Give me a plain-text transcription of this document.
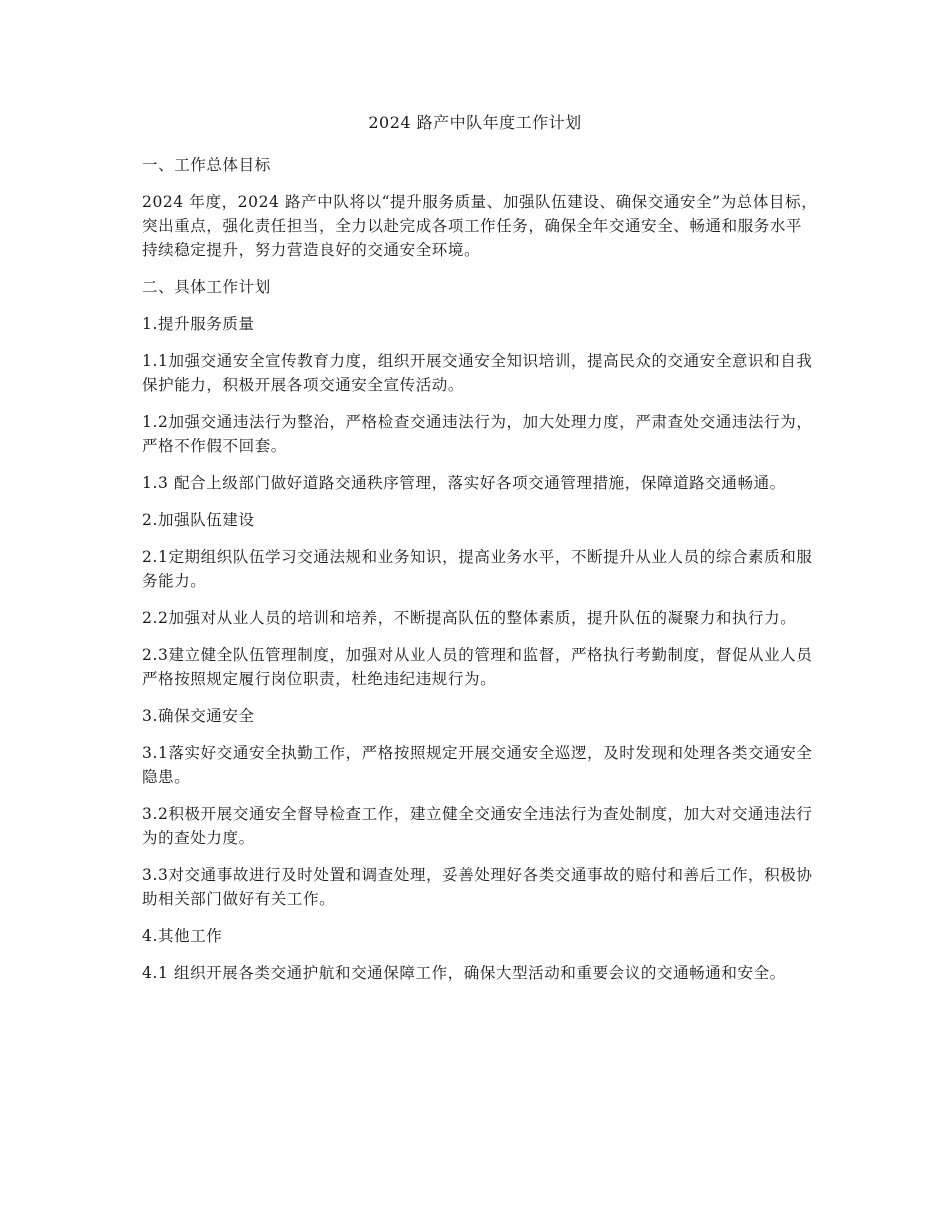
2024 路产中队年度工作计划
一、工作总体目标
2024 年度，2024 路产中队将以“提升服务质量、加强队伍建设、确保交通安全”为总体目标，突出重点，强化责任担当，全力以赴完成各项工作任务，确保全年交通安全、畅通和服务水平持续稳定提升，努力营造良好的交通安全环境。
二、具体工作计划
1.提升服务质量
1.1加强交通安全宣传教育力度，组织开展交通安全知识培训，提高民众的交通安全意识和自我保护能力，积极开展各项交通安全宣传活动。
1.2加强交通违法行为整治，严格检查交通违法行为，加大处理力度，严肃查处交通违法行为，严格不作假不回套。
1.3 配合上级部门做好道路交通秩序管理，落实好各项交通管理措施，保障道路交通畅通。
2.加强队伍建设
2.1定期组织队伍学习交通法规和业务知识，提高业务水平，不断提升从业人员的综合素质和服务能力。
2.2加强对从业人员的培训和培养，不断提高队伍的整体素质，提升队伍的凝聚力和执行力。
2.3建立健全队伍管理制度，加强对从业人员的管理和监督，严格执行考勤制度，督促从业人员严格按照规定履行岗位职责，杜绝违纪违规行为。
3.确保交通安全
3.1落实好交通安全执勤工作，严格按照规定开展交通安全巡逻，及时发现和处理各类交通安全隐患。
3.2积极开展交通安全督导检查工作，建立健全交通安全违法行为查处制度，加大对交通违法行为的查处力度。
3.3对交通事故进行及时处置和调查处理，妥善处理好各类交通事故的赔付和善后工作，积极协助相关部门做好有关工作。
4.其他工作
4.1 组织开展各类交通护航和交通保障工作，确保大型活动和重要会议的交通畅通和安全。
